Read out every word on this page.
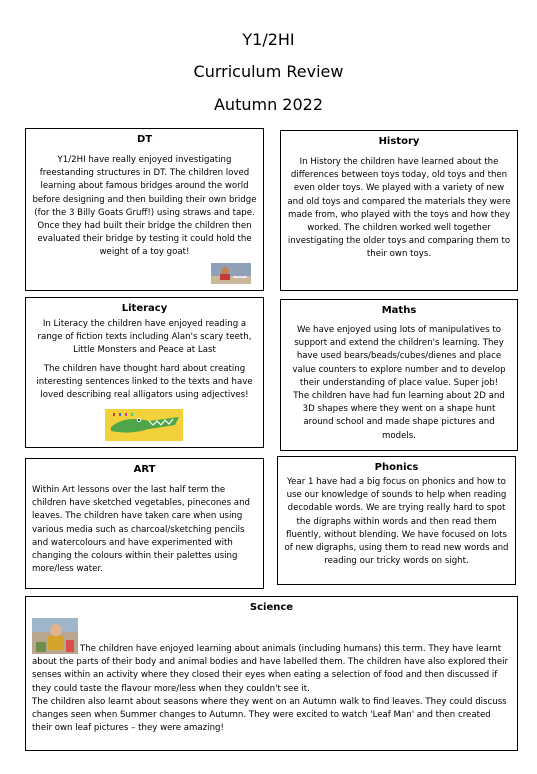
Y1/2HI
Curriculum Review
Autumn 2022
DT

Y1/2HI have really enjoyed investigating freestanding structures in DT. The children loved learning about famous bridges around the world before designing and then building their own bridge (for the 3 Billy Goats Gruff!) using straws and tape. Once they had built their bridge the children then evaluated their bridge by testing it could hold the weight of a toy goat!

History

In History the children have learned about the differences between toys today, old toys and then even older toys. We played with a variety of new and old toys and compared the materials they were made from, who played with the toys and how they worked. The children worked well together investigating the older toys and comparing them to their own toys.

Literacy

In Literacy the children have enjoyed reading a range of fiction texts including Alan's scary teeth, Little Monsters and Peace at Last

The children have thought hard about creating interesting sentences linked to the texts and have loved describing real alligators using adjectives!

Maths

We have enjoyed using lots of manipulatives to support and extend the children's learning. They have used bears/beads/cubes/dienes and place value counters to explore number and to develop their understanding of place value. Super job!

The children have had fun learning about 2D and 3D shapes where they went on a shape hunt around school and made shape pictures and models.

ART

Within Art lessons over the last half term the children have sketched vegetables, pinecones and leaves. The children have taken care when using various media such as charcoal/sketching pencils and watercolours and have experimented with changing the colours within their palettes using more/less water.

Phonics

Year 1 have had a big focus on phonics and how to use our knowledge of sounds to help when reading decodable words. We are trying really hard to spot the digraphs within words and then read them fluently, without blending. We have focused on lots of new digraphs, using them to read new words and reading our tricky words on sight.

Science

The children have enjoyed learning about animals (including humans) this term. They have learnt about the parts of their body and animal bodies and have labelled them. The children have also explored their senses within an activity where they closed their eyes when eating a selection of food and then discussed if they could taste the flavour more/less when they couldn't see it.

The children also learnt about seasons where they went on an Autumn walk to find leaves. They could discuss changes seen when Summer changes to Autumn. They were excited to watch 'Leaf Man' and then created their own leaf pictures – they were amazing!
